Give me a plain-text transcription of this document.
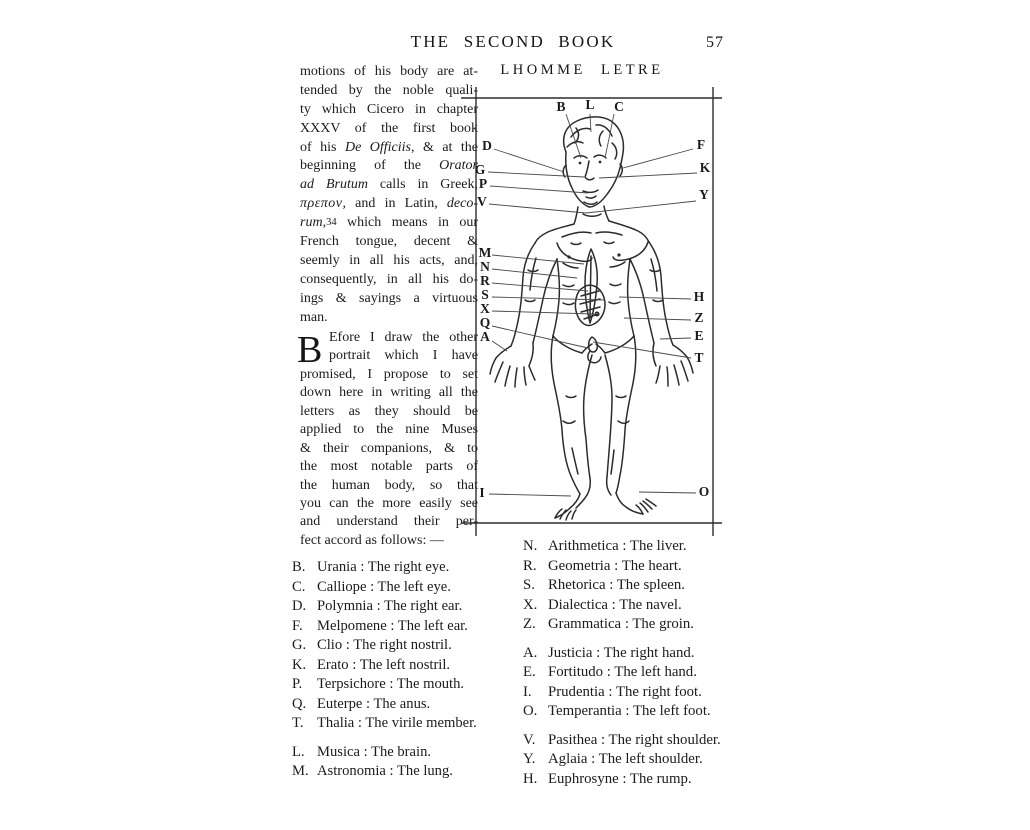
THE SECOND BOOK	57
LHOMME LETRE
B
motions of his body are at-
tended by the noble quali-
ty which Cicero in chapter
XXXV of the first book
of his De Officiis, & at the
beginning of the Orator
ad Brutum calls in Greek,
πρεπον, and in Latin, deco-
rum,34 which means in our
French tongue, decent &
seemly in all his acts, and,
consequently, in all his do-
ings & sayings a virtuous
man.
Efore I draw the other
portrait which I have
promised, I propose to set
down here in writing all the
letters as they should be
applied to the nine Muses
& their companions, & to
the most notable parts of
the human body, so that
you can the more easily see
and understand their per-
fect accord as follows: —
B. Urania : The right eye.
C. Calliope : The left eye.
D. Polymnia : The right ear.
F. Melpomene : The left ear.
G. Clio : The right nostril.
K. Erato : The left nostril.
P. Terpsichore : The mouth.
Q. Euterpe : The anus.
T. Thalia : The virile member.
L. Musica : The brain.
M. Astronomia : The lung.
N. Arithmetica : The liver.
R. Geometria : The heart.
S. Rhetorica : The spleen.
X. Dialectica : The navel.
Z. Grammatica : The groin.
A. Justicia : The right hand.
E. Fortitudo : The left hand.
I. Prudentia : The right foot.
O. Temperantia : The left foot.
V. Pasithea : The right shoulder.
Y. Aglaia : The left shoulder.
H. Euphrosyne : The rump.
B L C
D	F
G	K
P
V	Y
M
N
R
S
X
Q
A
H
Z
E
T
I	O
